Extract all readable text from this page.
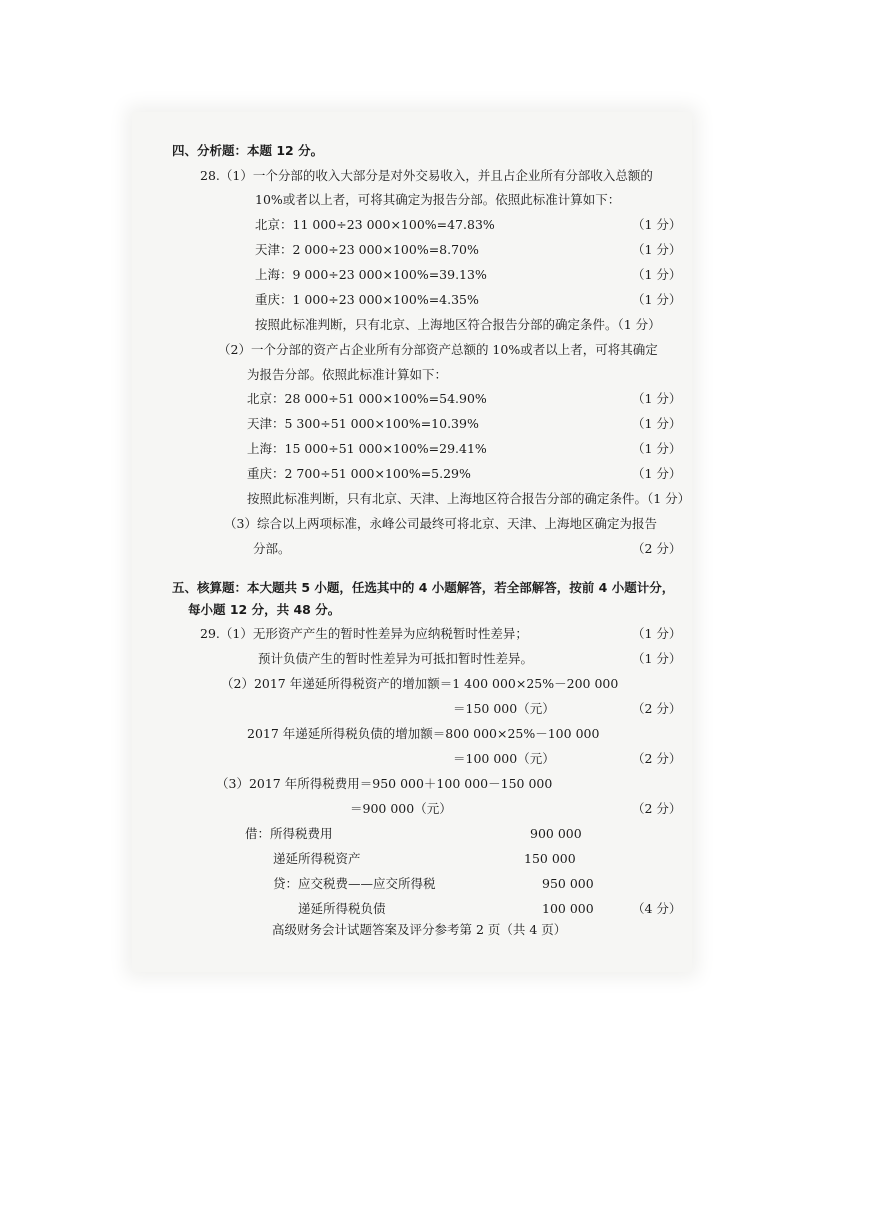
四、分析题：本题 12 分。
28.（1）一个分部的收入大部分是对外交易收入，并且占企业所有分部收入总额的
10%或者以上者，可将其确定为报告分部。依照此标准计算如下：
北京：11 000÷23 000×100%=47.83%	（1 分）
天津：2 000÷23 000×100%=8.70%	（1 分）
上海：9 000÷23 000×100%=39.13%	（1 分）
重庆：1 000÷23 000×100%=4.35%	（1 分）
按照此标准判断，只有北京、上海地区符合报告分部的确定条件。（1 分）
（2）一个分部的资产占企业所有分部资产总额的 10%或者以上者，可将其确定
为报告分部。依照此标准计算如下：
北京：28 000÷51 000×100%=54.90%	（1 分）
天津：5 300÷51 000×100%=10.39%	（1 分）
上海：15 000÷51 000×100%=29.41%	（1 分）
重庆：2 700÷51 000×100%=5.29%	（1 分）
按照此标准判断，只有北京、天津、上海地区符合报告分部的确定条件。（1 分）
（3）综合以上两项标准，永峰公司最终可将北京、天津、上海地区确定为报告
分部。	（2 分）
五、核算题：本大题共 5 小题，任选其中的 4 小题解答，若全部解答，按前 4 小题计分，
每小题 12 分，共 48 分。
29.（1）无形资产产生的暂时性差异为应纳税暂时性差异；	（1 分）
预计负债产生的暂时性差异为可抵扣暂时性差异。	（1 分）
（2）2017 年递延所得税资产的增加额＝1 400 000×25%－200 000
＝150 000（元）	（2 分）
2017 年递延所得税负债的增加额＝800 000×25%－100 000
＝100 000（元）	（2 分）
（3）2017 年所得税费用＝950 000＋100 000－150 000
＝900 000（元）	（2 分）
借：所得税费用	900 000
递延所得税资产	150 000
贷：应交税费——应交所得税	950 000
递延所得税负债	100 000	（4 分）
高级财务会计试题答案及评分参考第 2 页（共 4 页）
